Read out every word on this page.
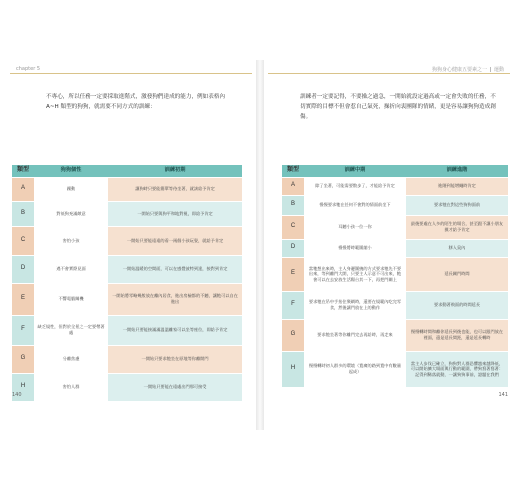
chapter 5

不專心，所以任務一定要採取進階式，激發狗們達成的能力，例如表格內 A~H 類型的狗狗，就需要不同方式的訓練：

類型	狗狗個性	訓練初期
A	躁動	讓狗時只要能簡單等待坐著，就該給予肯定
B	對低狗充滿敵意	一開始只要與狗平和地對視，即給予肯定
C	害怕小孩	一開始只要能遠遠的看一兩個小孩玩耍，就給予肯定
D	遇不會實際見面	一開始溫暖的空間面，可以在感覺彼特到達，接對到肯定
E	不響電腦關機	一開始將零略幾般放在離內居食，進出房檢都的不聽，讓牠可以自在進出
F	缺乏規性，但對於全景之一定要帶著處	一開始只要能接滿滿溫溫離家可以坐等座位，即給予肯定
G	分離焦慮	一開始只要求牠坐在原地等你離開門
H	害怕人群	一開始只要能在遠處出門那可接受
140
狗狗身心健康五要素之一 運動

訓練者一定要記得，不要操之過急，一開始就設定過高或一定會失敗的任務，不切實際的目標不但會惹自己氣死，操折向衷團隊的情緒，更是容易讓狗狗造成創傷。

類型	訓練中期	訓練進階
A	除了坐著，可能需要散步了，才能給予肯定	進階到能增繩時肯定
B	慢慢要求牠在任何不會對的情面前坐下	要求牠在對這些狗狗面前
C	耳聽小孩一位一你	最後要處在人多的陌生的場合，甚至跟不讓小朋友摸才給予肯定
D	慢慢將時範圍縮小	移入臭內
E	當牠想出來時，主人身邊圍繞的方式要求牠先不要出來，等到離門大開，只要主人示意不可出來，牠會可以在去安放生活陽台其一下，再把門關上	延長關門時間
F	要求牠在吊中手抬住聚網時，還要在規範內吃完零食，然後讓門放在上的動作	要求動著飛面的時間延長
G	要求牠坐著等你離門完去再給時，再走來	慢慢轉時間和離你延長到後也能，也可以跟門放在裡面，還是延長間距，還是延長轉時
H	慢慢轉時初人群多的環境（寬廣的路到寬中有數量起成）	當主人步伐已確立，狗狗對人群恐懼越來越降低，可以開始擴大場面與行動的範圍，帶狗寫著寫著：記得到稀落就動，一讓狗狗事前，證題在我們
141
